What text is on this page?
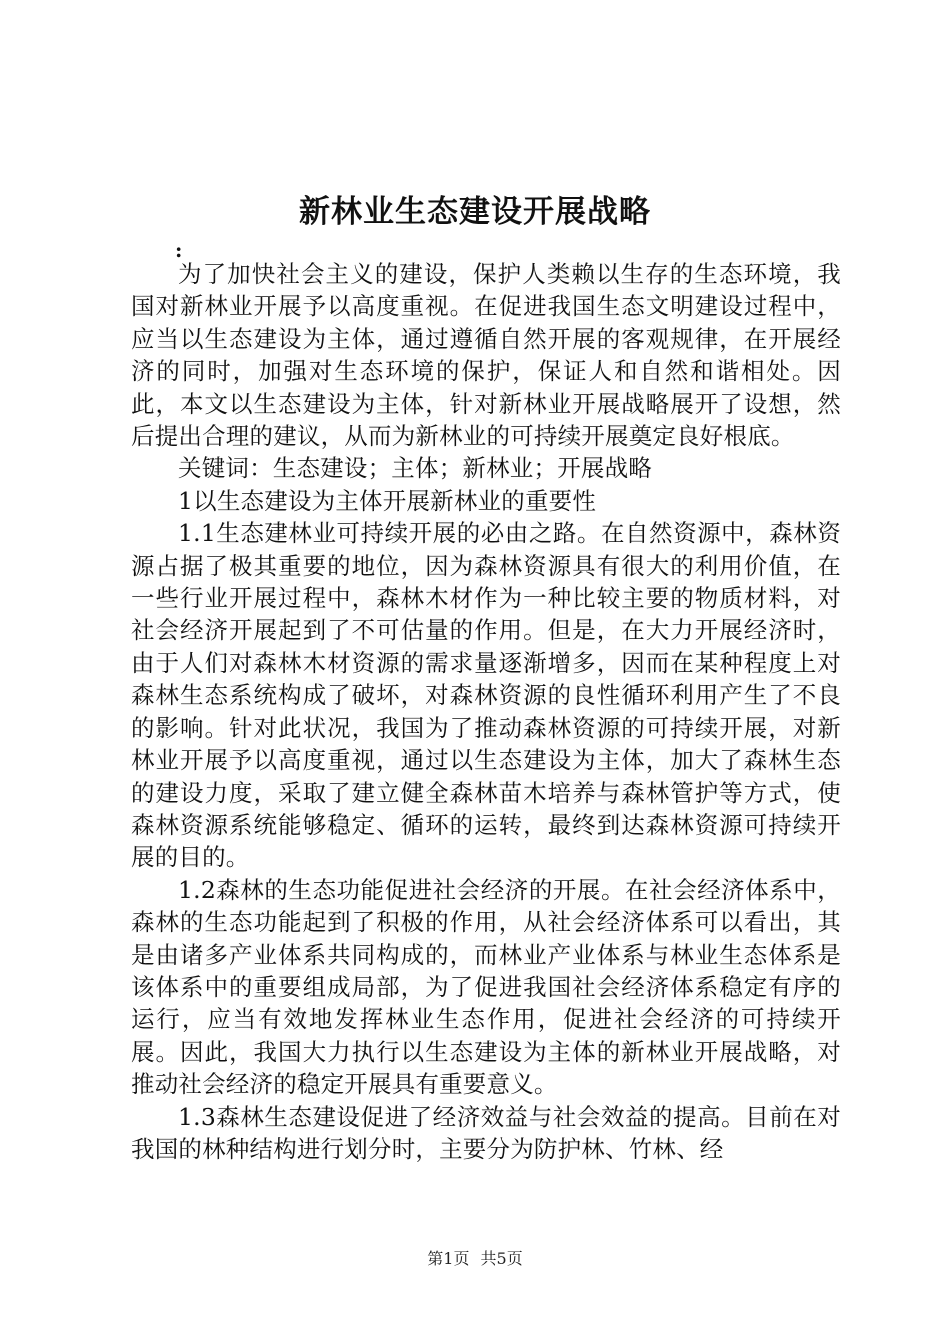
新林业生态建设开展战略
:

为了加快社会主义的建设，保护人类赖以生存的生态环境，我国对新林业开展予以高度重视。在促进我国生态文明建设过程中，应当以生态建设为主体，通过遵循自然开展的客观规律，在开展经济的同时，加强对生态环境的保护，保证人和自然和谐相处。因此，本文以生态建设为主体，针对新林业开展战略展开了设想，然后提出合理的建议，从而为新林业的可持续开展奠定良好根底。

关键词：生态建设；主体；新林业；开展战略

1以生态建设为主体开展新林业的重要性

1.1生态建林业可持续开展的必由之路。在自然资源中，森林资源占据了极其重要的地位，因为森林资源具有很大的利用价值，在一些行业开展过程中，森林木材作为一种比较主要的物质材料，对社会经济开展起到了不可估量的作用。但是，在大力开展经济时，由于人们对森林木材资源的需求量逐渐增多，因而在某种程度上对森林生态系统构成了破坏，对森林资源的良性循环利用产生了不良的影响。针对此状况，我国为了推动森林资源的可持续开展，对新林业开展予以高度重视，通过以生态建设为主体，加大了森林生态的建设力度，采取了建立健全森林苗木培养与森林管护等方式，使森林资源系统能够稳定、循环的运转，最终到达森林资源可持续开展的目的。

1.2森林的生态功能促进社会经济的开展。在社会经济体系中，森林的生态功能起到了积极的作用，从社会经济体系可以看出，其是由诸多产业体系共同构成的，而林业产业体系与林业生态体系是该体系中的重要组成局部，为了促进我国社会经济体系稳定有序的运行，应当有效地发挥林业生态作用，促进社会经济的可持续开展。因此，我国大力执行以生态建设为主体的新林业开展战略，对推动社会经济的稳定开展具有重要意义。

1.3森林生态建设促进了经济效益与社会效益的提高。目前在对我国的林种结构进行划分时，主要分为防护林、竹林、经

第1页 共5页
